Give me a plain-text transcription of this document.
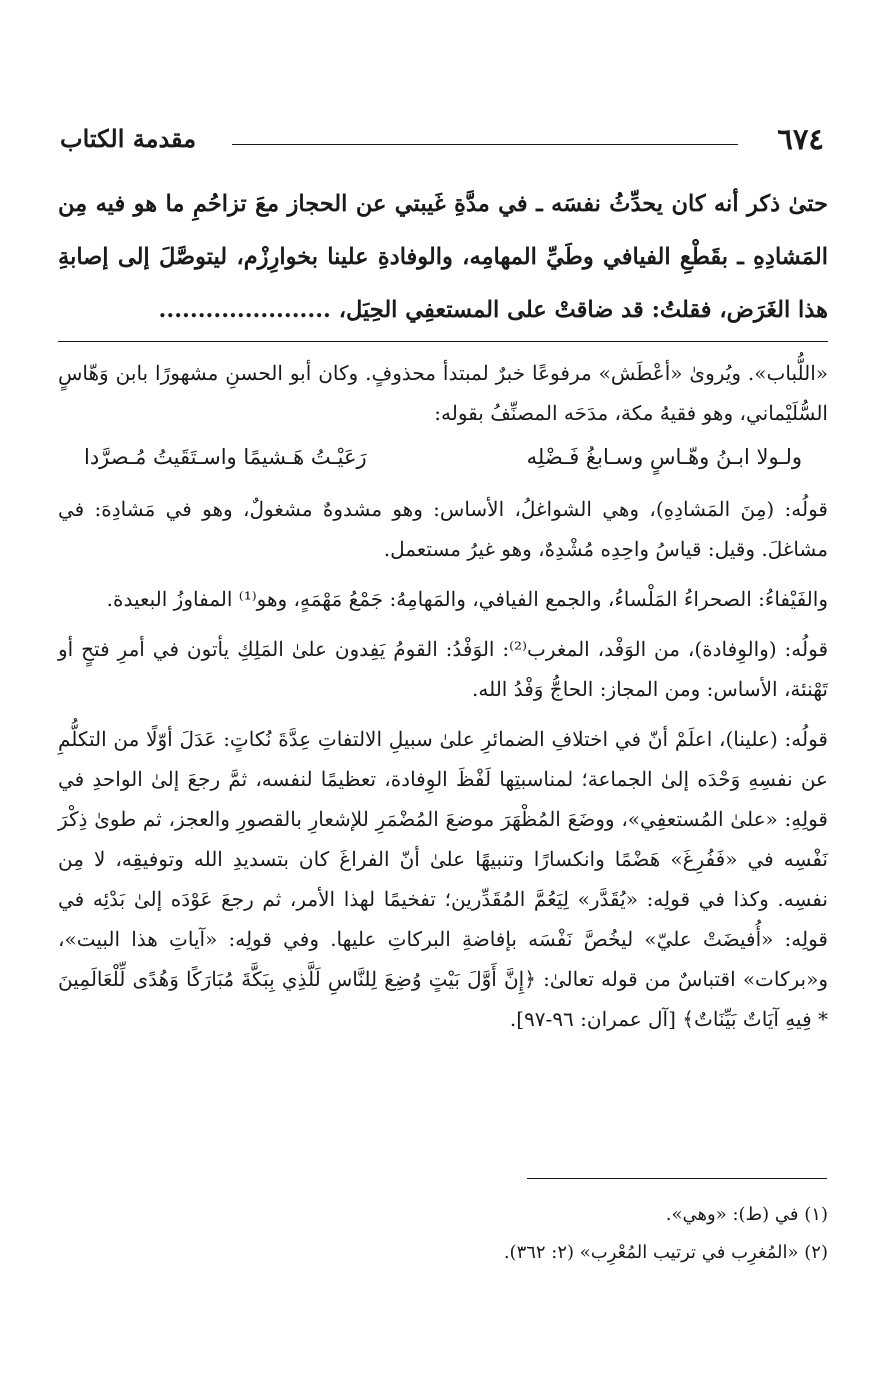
٦٧٤
مقدمة الكتاب

حتىٰ ذكر أنه كان يحدِّثُ نفسَه ـ في مدَّةِ غَيبتي عن الحجاز معَ تزاحُمِ ما هو فيه مِن المَشادِهِ ـ بقَطْعِ الفيافي وطَيِّ المهامِه، والوفادةِ علينا بخوارِزْم، ليتوصَّلَ إلى إصابةِ هذا الغَرَض، فقلتُ: قد ضاقتْ على المستعفِي الحِيَل، ......................

«اللُّباب». ويُروىٰ «أعْطَش» مرفوعًا خبرٌ لمبتدأ محذوفٍ. وكان أبو الحسنِ مشهورًا بابن وَهّاسٍ السُّلَيْماني، وهو فقيهُ مكة، مدَحَه المصنِّفُ بقوله:

ولـولا ابـنُ وهّـاسٍ وسـابغُ فَـضْلِه
رَعَيْـتُ هَـشيمًا واسـتَقَيتُ مُـصرَّدا

قولُه: (مِنَ المَشادِهِ)، وهي الشواغلُ، الأساس: وهو مشدوهٌ مشغولٌ، وهو في مَشادِهَ: في مشاغلَ. وقيل: قياسُ واحِدِه مُشْدِهٌ، وهو غيرُ مستعمل.

والفَيْفاءُ: الصحراءُ المَلْساءُ، والجمع الفيافي، والمَهامِهُ: جَمْعُ مَهْمَهٍ، وهو⁽¹⁾ المفاوزُ البعيدة.

قولُه: (والوِفادة)، من الوَفْد، المغرب⁽²⁾: الوَفْدُ: القومُ يَفِدون علىٰ المَلِكِ يأتون في أمرِ فتحٍ أو تَهْنئة، الأساس: ومن المجاز: الحاجُّ وَفْدُ الله.

قولُه: (علينا)، اعلَمْ أنّ في اختلافِ الضمائرِ علىٰ سبيلِ الالتفاتِ عِدَّةَ نُكاتٍ: عَدَلَ أوّلًا من التكلُّمِ عن نفسِهِ وَحْدَه إلىٰ الجماعة؛ لمناسبتِها لَفْظَ الوِفادة، تعظيمًا لنفسه، ثمَّ رجعَ إلىٰ الواحدِ في قولِهِ: «علىٰ المُستعفِي»، ووضَعَ المُظْهَرَ موضعَ المُضْمَرِ للإشعارِ بالقصورِ والعجز، ثم طوىٰ ذِكْرَ نَفْسِه في «فَفُرِغَ» هَضْمًا وانكسارًا وتنبيهًا علىٰ أنّ الفراغَ كان بتسديدِ الله وتوفيقِه، لا مِن نفسِه. وكذا في قولِه: «يُقَدَّر» لِيَعُمَّ المُقَدِّرين؛ تفخيمًا لهذا الأمر، ثم رجعَ عَوْدَه إلىٰ بَدْئِه في قولِه: «أُفيضَتْ عليّ» ليخُصَّ نَفْسَه بإفاضةِ البركاتِ عليها. وفي قولِه: «آياتِ هذا البيت»، و«بركات» اقتباسٌ من قوله تعالىٰ: ﴿إِنَّ أَوَّلَ بَيْتٍ وُضِعَ لِلنَّاسِ لَلَّذِي بِبَكَّةَ مُبَارَكًا وَهُدًى لِّلْعَالَمِينَ * فِيهِ آيَاتٌ بَيِّنَاتٌ﴾ [آل عمران: ٩٦-٩٧].

(١) في (ط): «وهي».
(٢) «المُغرِب في ترتيب المُعْرِب» (٢: ٣٦٢).
